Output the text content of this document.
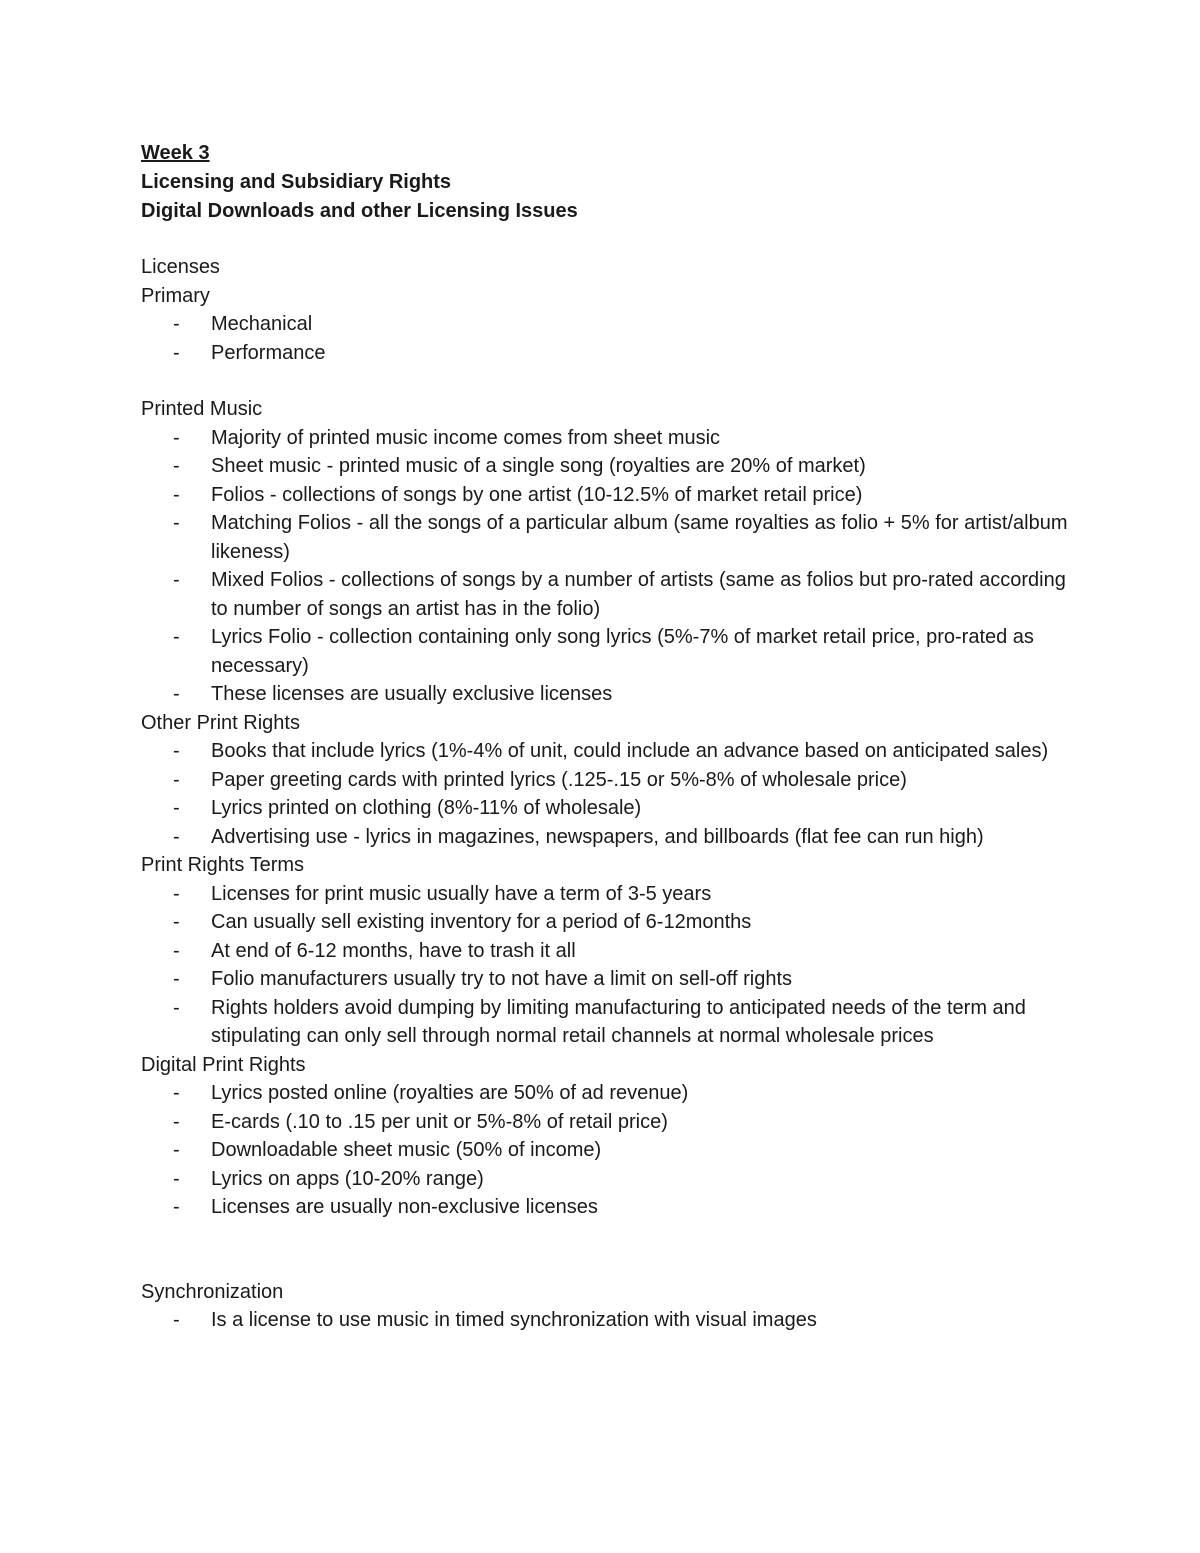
Week 3
Licensing and Subsidiary Rights
Digital Downloads and other Licensing Issues
Licenses
Primary
- Mechanical
- Performance
Printed Music
- Majority of printed music income comes from sheet music
- Sheet music - printed music of a single song (royalties are 20% of market)
- Folios - collections of songs by one artist (10-12.5% of market retail price)
- Matching Folios - all the songs of a particular album (same royalties as folio + 5% for artist/album likeness)
- Mixed Folios - collections of songs by a number of artists (same as folios but pro-rated according to number of songs an artist has in the folio)
- Lyrics Folio - collection containing only song lyrics (5%-7% of market retail price, pro-rated as necessary)
- These licenses are usually exclusive licenses
Other Print Rights
- Books that include lyrics (1%-4% of unit, could include an advance based on anticipated sales)
- Paper greeting cards with printed lyrics (.125-.15 or 5%-8% of wholesale price)
- Lyrics printed on clothing (8%-11% of wholesale)
- Advertising use - lyrics in magazines, newspapers, and billboards (flat fee can run high)
Print Rights Terms
- Licenses for print music usually have a term of 3-5 years
- Can usually sell existing inventory for a period of 6-12months
- At end of 6-12 months, have to trash it all
- Folio manufacturers usually try to not have a limit on sell-off rights
- Rights holders avoid dumping by limiting manufacturing to anticipated needs of the term and stipulating can only sell through normal retail channels at normal wholesale prices
Digital Print Rights
- Lyrics posted online (royalties are 50% of ad revenue)
- E-cards (.10 to .15 per unit or 5%-8% of retail price)
- Downloadable sheet music (50% of income)
- Lyrics on apps (10-20% range)
- Licenses are usually non-exclusive licenses
Synchronization
- Is a license to use music in timed synchronization with visual images
